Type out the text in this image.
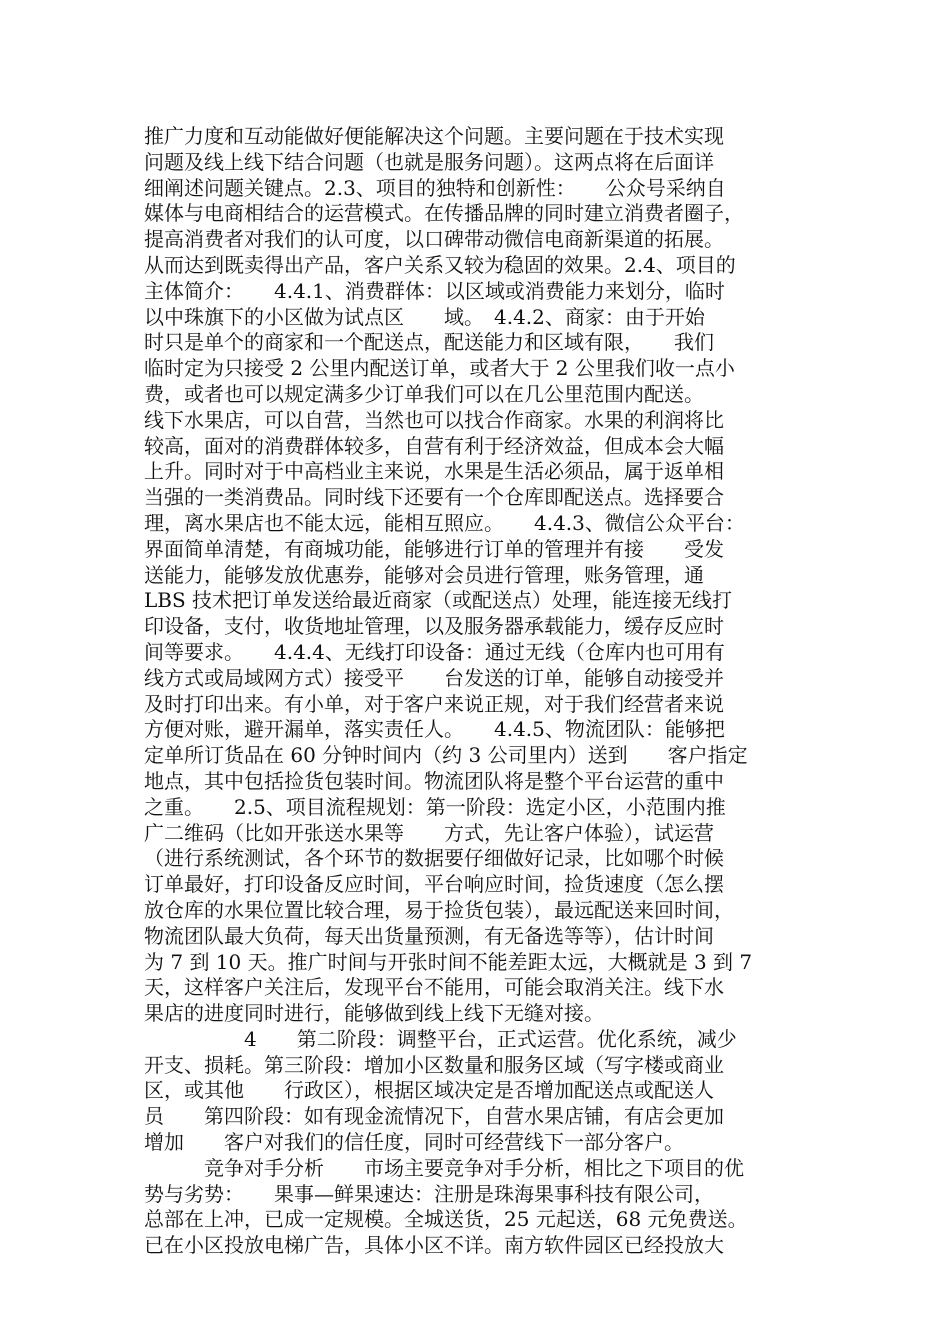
推广力度和互动能做好便能解决这个问题。主要问题在于技术实现
问题及线上线下结合问题（也就是服务问题）。这两点将在后面详
细阐述问题关键点。2.3、项目的独特和创新性：　　公众号采纳自
媒体与电商相结合的运营模式。在传播品牌的同时建立消费者圈子，
提高消费者对我们的认可度，以口碑带动微信电商新渠道的拓展。
从而达到既卖得出产品，客户关系又较为稳固的效果。2.4、项目的
主体简介：　　4.4.1、消费群体：以区域或消费能力来划分，临时
以中珠旗下的小区做为试点区　　域。　4.4.2、商家：由于开始
时只是单个的商家和一个配送点，配送能力和区域有限，　　我们
临时定为只接受 2 公里内配送订单，或者大于 2 公里我们收一点小
费，或者也可以规定满多少订单我们可以在几公里范围内配送。
线下水果店，可以自营，当然也可以找合作商家。水果的利润将比
较高，面对的消费群体较多，自营有利于经济效益，但成本会大幅
上升。同时对于中高档业主来说，水果是生活必须品，属于返单相
当强的一类消费品。同时线下还要有一个仓库即配送点。选择要合
理，离水果店也不能太远，能相互照应。　　4.4.3、微信公众平台：
界面简单清楚，有商城功能，能够进行订单的管理并有接　　受发
送能力，能够发放优惠券，能够对会员进行管理，账务管理，通
LBS 技术把订单发送给最近商家（或配送点）处理，能连接无线打
印设备，支付，收货地址管理，以及服务器承载能力，缓存反应时
间等要求。　　4.4.4、无线打印设备：通过无线（仓库内也可用有
线方式或局域网方式）接受平　　台发送的订单，能够自动接受并
及时打印出来。有小单，对于客户来说正规，对于我们经营者来说
方便对账，避开漏单，落实责任人。　　4.4.5、物流团队：能够把
定单所订货品在 60 分钟时间内（约 3 公司里内）送到　　客户指定
地点，其中包括捡货包装时间。物流团队将是整个平台运营的重中
之重。　　2.5、项目流程规划：第一阶段：选定小区，小范围内推
广二维码（比如开张送水果等　　方式，先让客户体验），试运营
（进行系统测试，各个环节的数据要仔细做好记录，比如哪个时候
订单最好，打印设备反应时间，平台响应时间，捡货速度（怎么摆
放仓库的水果位置比较合理，易于捡货包装），最远配送来回时间，
物流团队最大负荷，每天出货量预测，有无备选等等），估计时间
为 7 到 10 天。推广时间与开张时间不能差距太远，大概就是 3 到 7
天，这样客户关注后，发现平台不能用，可能会取消关注。线下水
果店的进度同时进行，能够做到线上线下无缝对接。
　　　　　4　　第二阶段：调整平台，正式运营。优化系统，减少
开支、损耗。第三阶段：增加小区数量和服务区域（写字楼或商业
区，或其他　　行政区），根据区域决定是否增加配送点或配送人
员　　第四阶段：如有现金流情况下，自营水果店铺，有店会更加
增加　　客户对我们的信任度，同时可经营线下一部分客户。
　　　竞争对手分析　　市场主要竞争对手分析，相比之下项目的优
势与劣势：　　果事—鲜果速达：注册是珠海果事科技有限公司，
总部在上冲，已成一定规模。全城送货，25 元起送，68 元免费送。
已在小区投放电梯广告，具体小区不详。南方软件园区已经投放大
